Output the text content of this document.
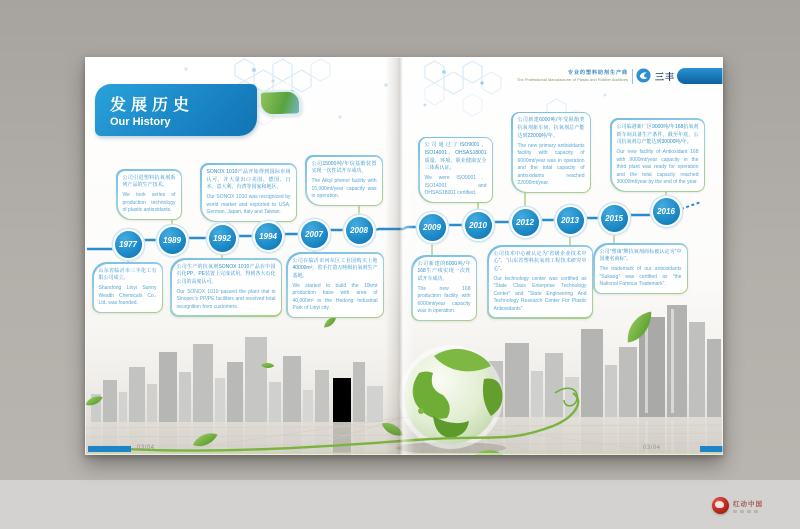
发展历史
Our History
专业的塑料助剂生产商
The Professional Manufacturer of Plastic and Rubber Additives	三丰
山东省临沂市三丰化工有限公司成立。
Shandong Linyi Sunny Wealth Chemicals Co., Ltd. was founded.
公司引进塑料抗氧剂系列产品的生产技术。
We took series of production technology of plastic antioxidants.
公司生产的抗氧剂SONOX 1010产品在中国石化PP、PE装置上完成试用，得到各大石化公司的高度认可。
Our SONOX 1010 passed the plant trial in Sinopec's PP/PE facilities and received total recognition from customers.
SONOX 1010产品开始得到国际市场认可，并大量出口美国、德国、日本、意大利、台湾等国家和地区。
Our SONOX 1010 was recognized by world market and exported to USA, German, Japan, Italy and Taiwan.
公司在临沂市河东区工业园购买土地40000m²，着手打造万吨级抗氧剂生产基地。
We started to build the 10kmt production base with area of 40,000m² in the Hedong Industrial Park of Linyi city.
公司15000吨/年烷基酚装置实现一次性试开车成功。
The Alkyl phenol facility with 15,000mt/year capacity was in operation.
公司新建的6000吨/年168生产线实现一次性试开车成功。
The new 168 production facility with 6000mt/year capacity was in operation.
公司通过了ISO9001、ISO14001、OHSAS18001质量、环境、职业健康安全三体系认证。
We were ISO9001、ISO14001 and OHSAS18001 certified.
公司新建6000吨/年受阻酚类抗氧剂新车间，抗氧剂总产能达到22000吨/年。
The new primary antioxidants facility with capacity of 6000mt/year was in operation and the total capacity of antioxidants reached 22000mt/year.
公司技术中心被认定为“省级企业技术中心”、“山东省塑料抗氧剂工程技术研究中心”。
Our technology center was certified as "State Class Enterprise Technology Center" and "State Engineering And Technology Research Center For Plastic Antioxidants".
公司“塑康”牌抗氧剂商标被认定为“中国驰名商标”。
The trademark of our antioxidants "Sukang" was certified as "the National Famous Trademark".
公司临港新厂区9000吨/年168抗氧剂新车间具备生产条件，截至年底，公司抗氧剂总产能达到30000吨/年。
Our new facility of Antioxidant 168 with 9000mt/year capacity in the third plant was ready for operation and the total capacity reached 30000mt/year by the end of the year.
1977	1989	1992	1994	2007	2008	2009	2010	2012	2013	2015
2016
03/04	03/04
红动中国
